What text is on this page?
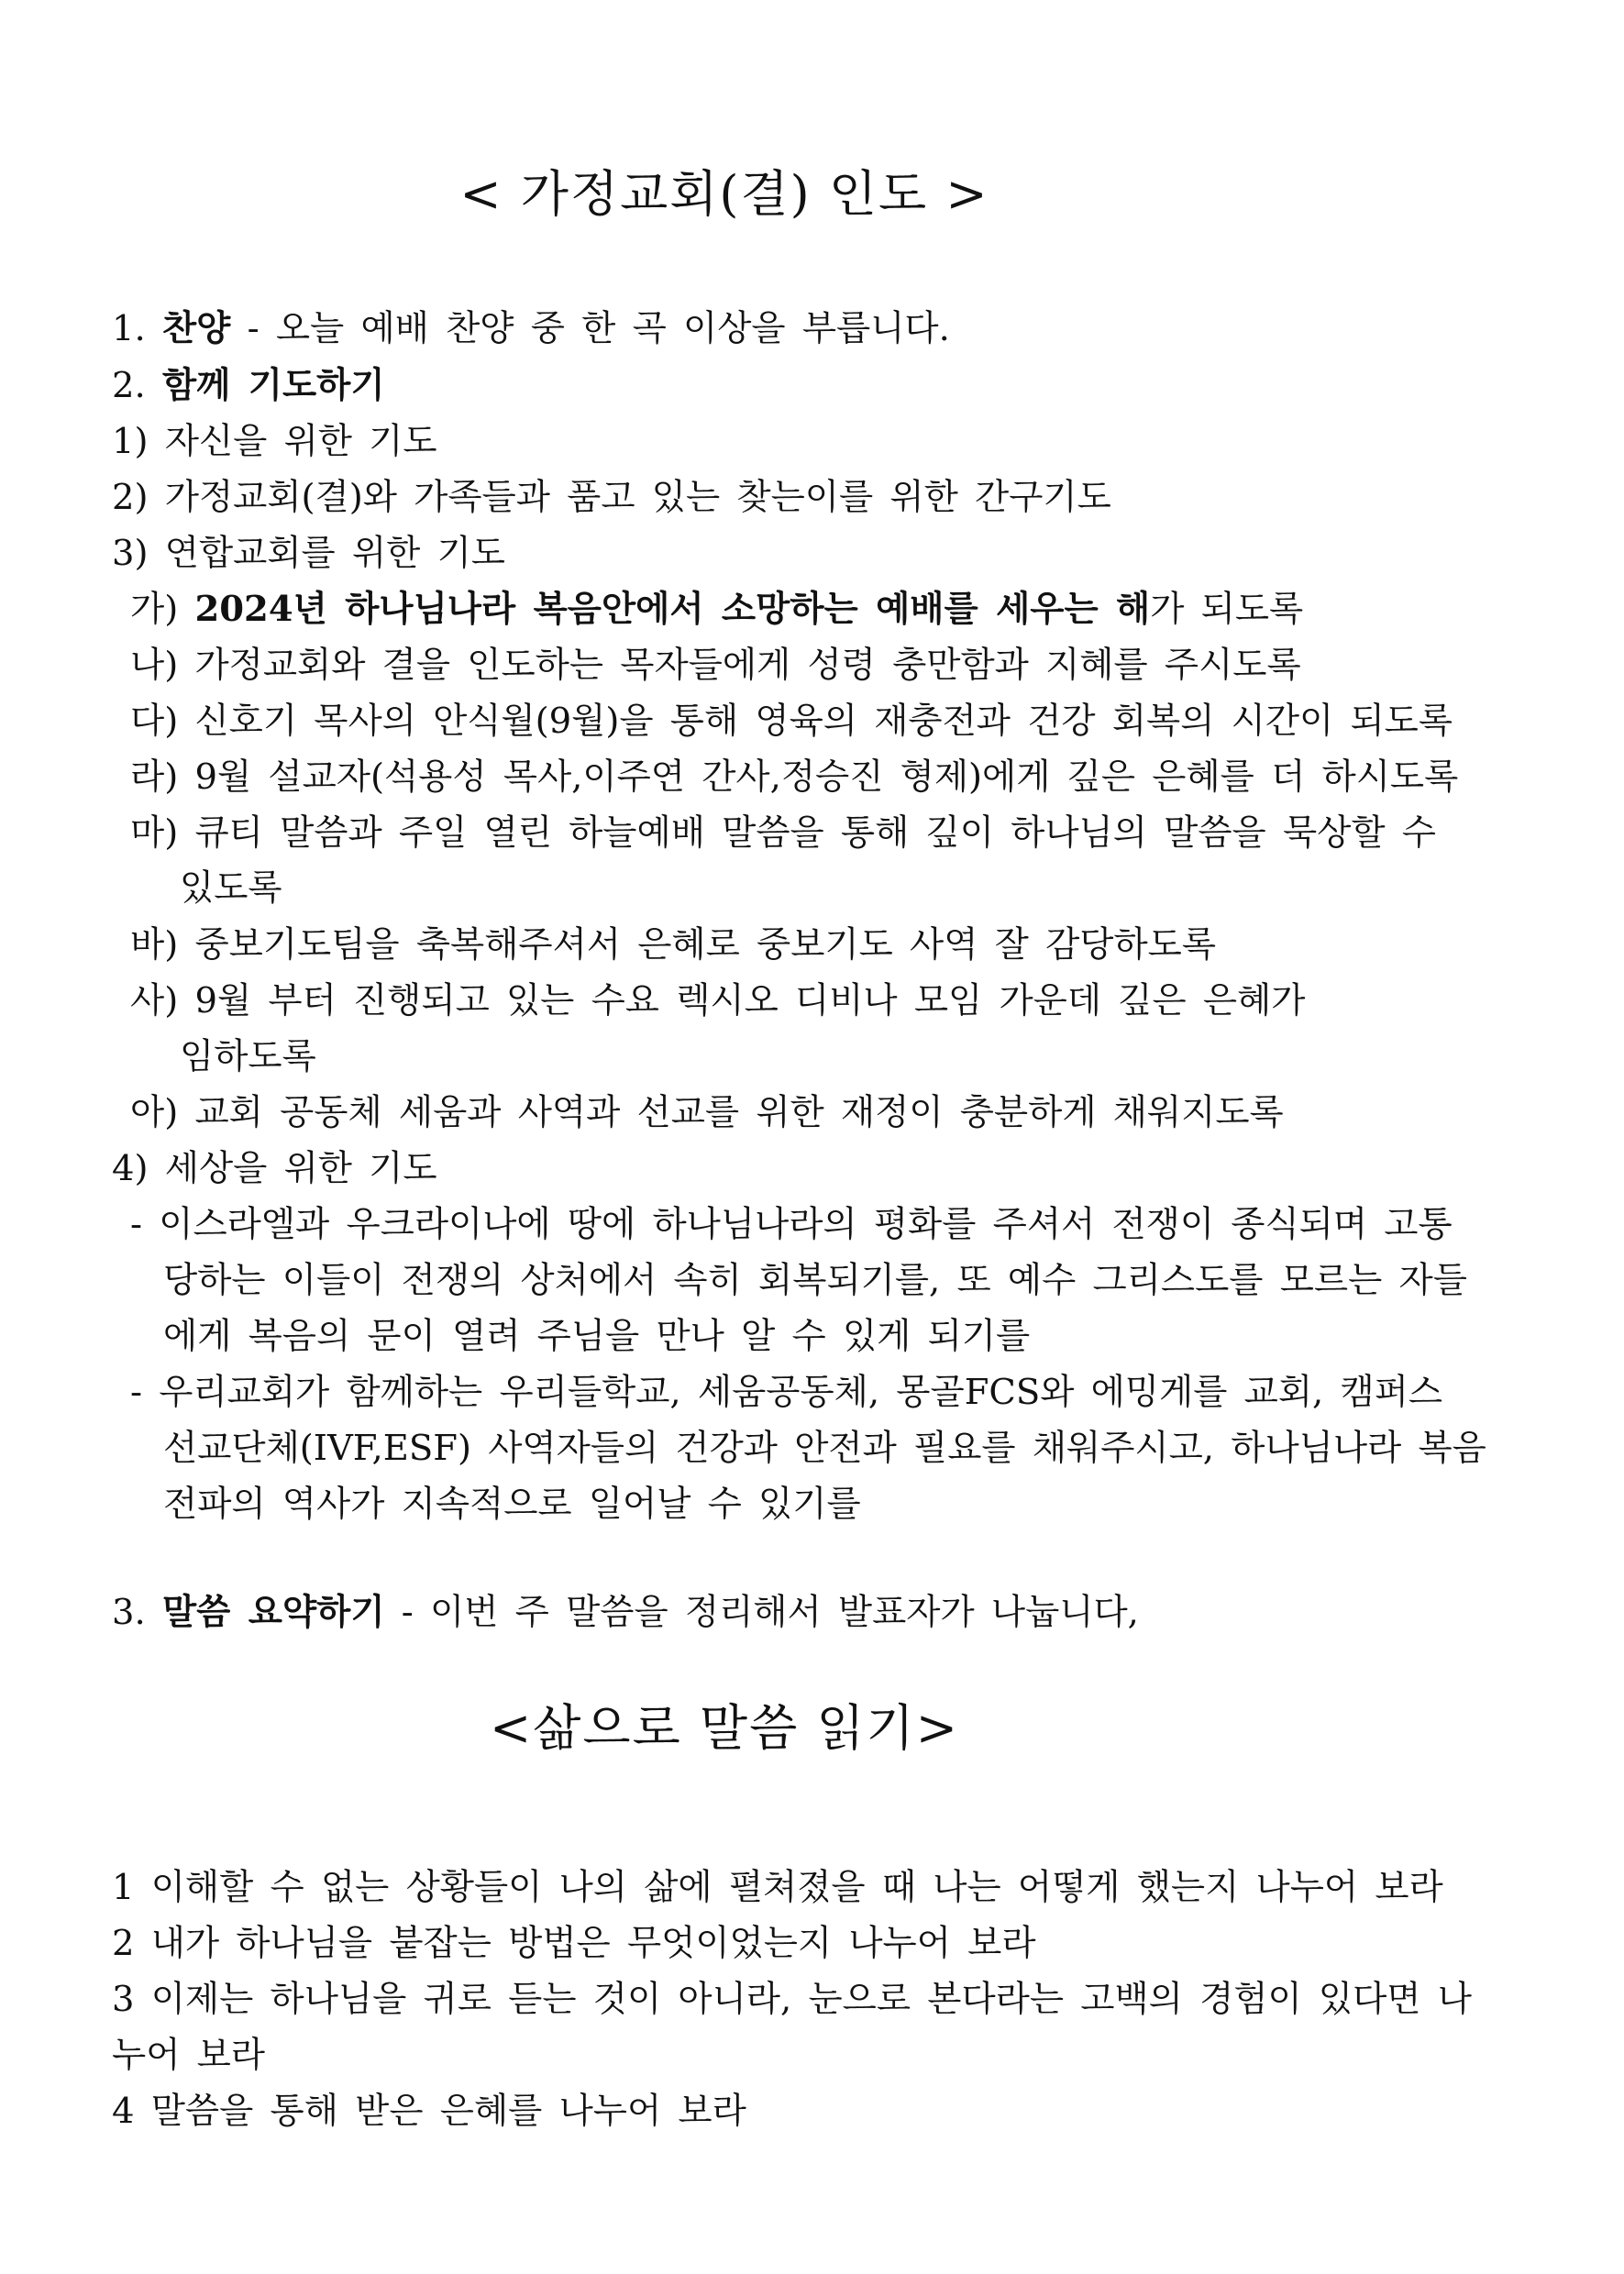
< 가정교회(결) 인도 >
1. 찬양 - 오늘 예배 찬양 중 한 곡 이상을 부릅니다.
2. 함께 기도하기
1) 자신을 위한 기도
2) 가정교회(결)와 가족들과 품고 있는 찾는이를 위한 간구기도
3) 연합교회를 위한 기도
가) 2024년 하나님나라 복음안에서 소망하는 예배를 세우는 해가 되도록
나) 가정교회와 결을 인도하는 목자들에게 성령 충만함과 지혜를 주시도록
다) 신호기 목사의 안식월(9월)을 통해 영육의 재충전과 건강 회복의 시간이 되도록
라) 9월 설교자(석용성 목사,이주연 간사,정승진 형제)에게 깊은 은혜를 더 하시도록
마) 큐티 말씀과 주일 열린 하늘예배 말씀을 통해 깊이 하나님의 말씀을 묵상할 수
있도록
바) 중보기도팀을 축복해주셔서 은혜로 중보기도 사역 잘 감당하도록
사) 9월 부터 진행되고 있는 수요 렉시오 디비나 모임 가운데 깊은 은혜가
임하도록
아) 교회 공동체 세움과 사역과 선교를 위한 재정이 충분하게 채워지도록
4) 세상을 위한 기도
- 이스라엘과 우크라이나에 땅에 하나님나라의 평화를 주셔서 전쟁이 종식되며 고통
당하는 이들이 전쟁의 상처에서 속히 회복되기를, 또 예수 그리스도를 모르는 자들
에게 복음의 문이 열려 주님을 만나 알 수 있게 되기를
- 우리교회가 함께하는 우리들학교, 세움공동체, 몽골FCS와 에밍게를 교회, 캠퍼스
선교단체(IVF,ESF) 사역자들의 건강과 안전과 필요를 채워주시고, 하나님나라 복음
전파의 역사가 지속적으로 일어날 수 있기를
3. 말씀 요약하기 - 이번 주 말씀을 정리해서 발표자가 나눕니다,
<삶으로 말씀 읽기>
1 이해할 수 없는 상황들이 나의 삶에 펼쳐졌을 때 나는 어떻게 했는지 나누어 보라
2 내가 하나님을 붙잡는 방법은 무엇이었는지 나누어 보라
3 이제는 하나님을 귀로 듣는 것이 아니라, 눈으로 본다라는 고백의 경험이 있다면 나
누어 보라
4 말씀을 통해 받은 은혜를 나누어 보라
